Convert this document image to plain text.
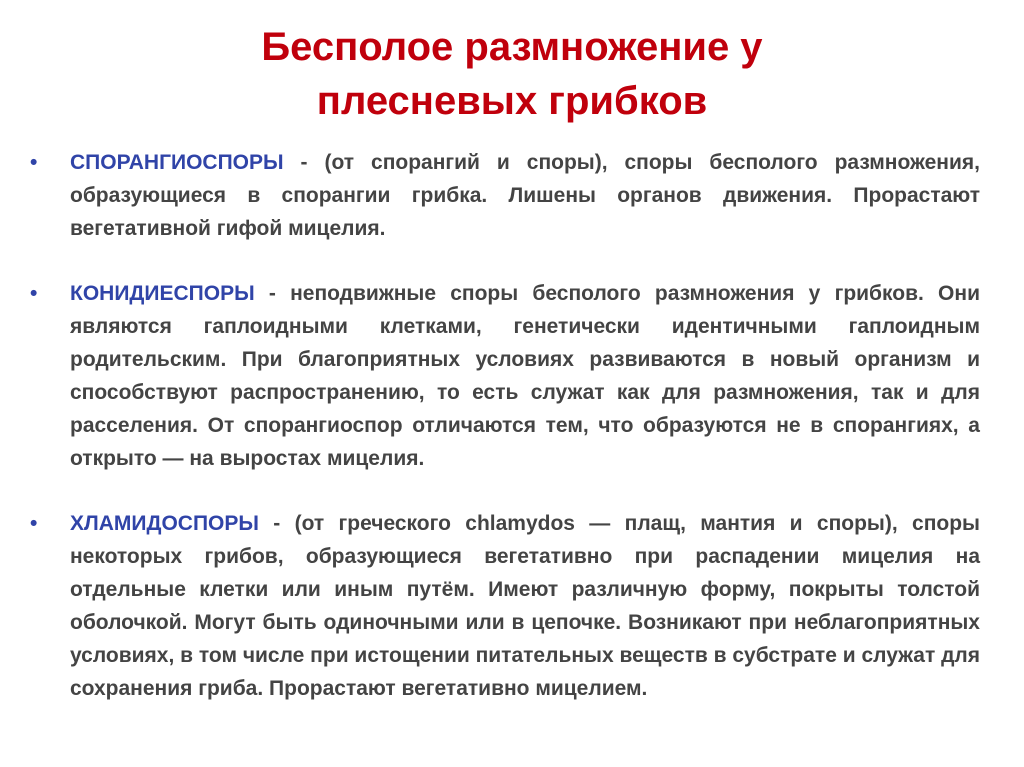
Бесполое размножение у
плесневых грибков
• СПОРАНГИОСПОРЫ - (от спорангий и споры), споры бесполого размножения, образующиеся в спорангии грибка. Лишены органов движения. Прорастают вегетативной гифой мицелия.
• КОНИДИЕСПОРЫ - неподвижные споры бесполого размножения у грибков. Они являются гаплоидными клетками, генетически идентичными гаплоидным родительским. При благоприятных условиях развиваются в новый организм и способствуют распространению, то есть служат как для размножения, так и для расселения. От спорангиоспор отличаются тем, что образуются не в спорангиях, а открыто — на выростах мицелия.
• ХЛАМИДОСПОРЫ - (от греческого chlamydos — плащ, мантия и споры), споры некоторых грибов, образующиеся вегетативно при распадении мицелия на отдельные клетки или иным путём. Имеют различную форму, покрыты толстой оболочкой. Могут быть одиночными или в цепочке. Возникают при неблагоприятных условиях, в том числе при истощении питательных веществ в субстрате и служат для сохранения гриба. Прорастают вегетативно мицелием.
